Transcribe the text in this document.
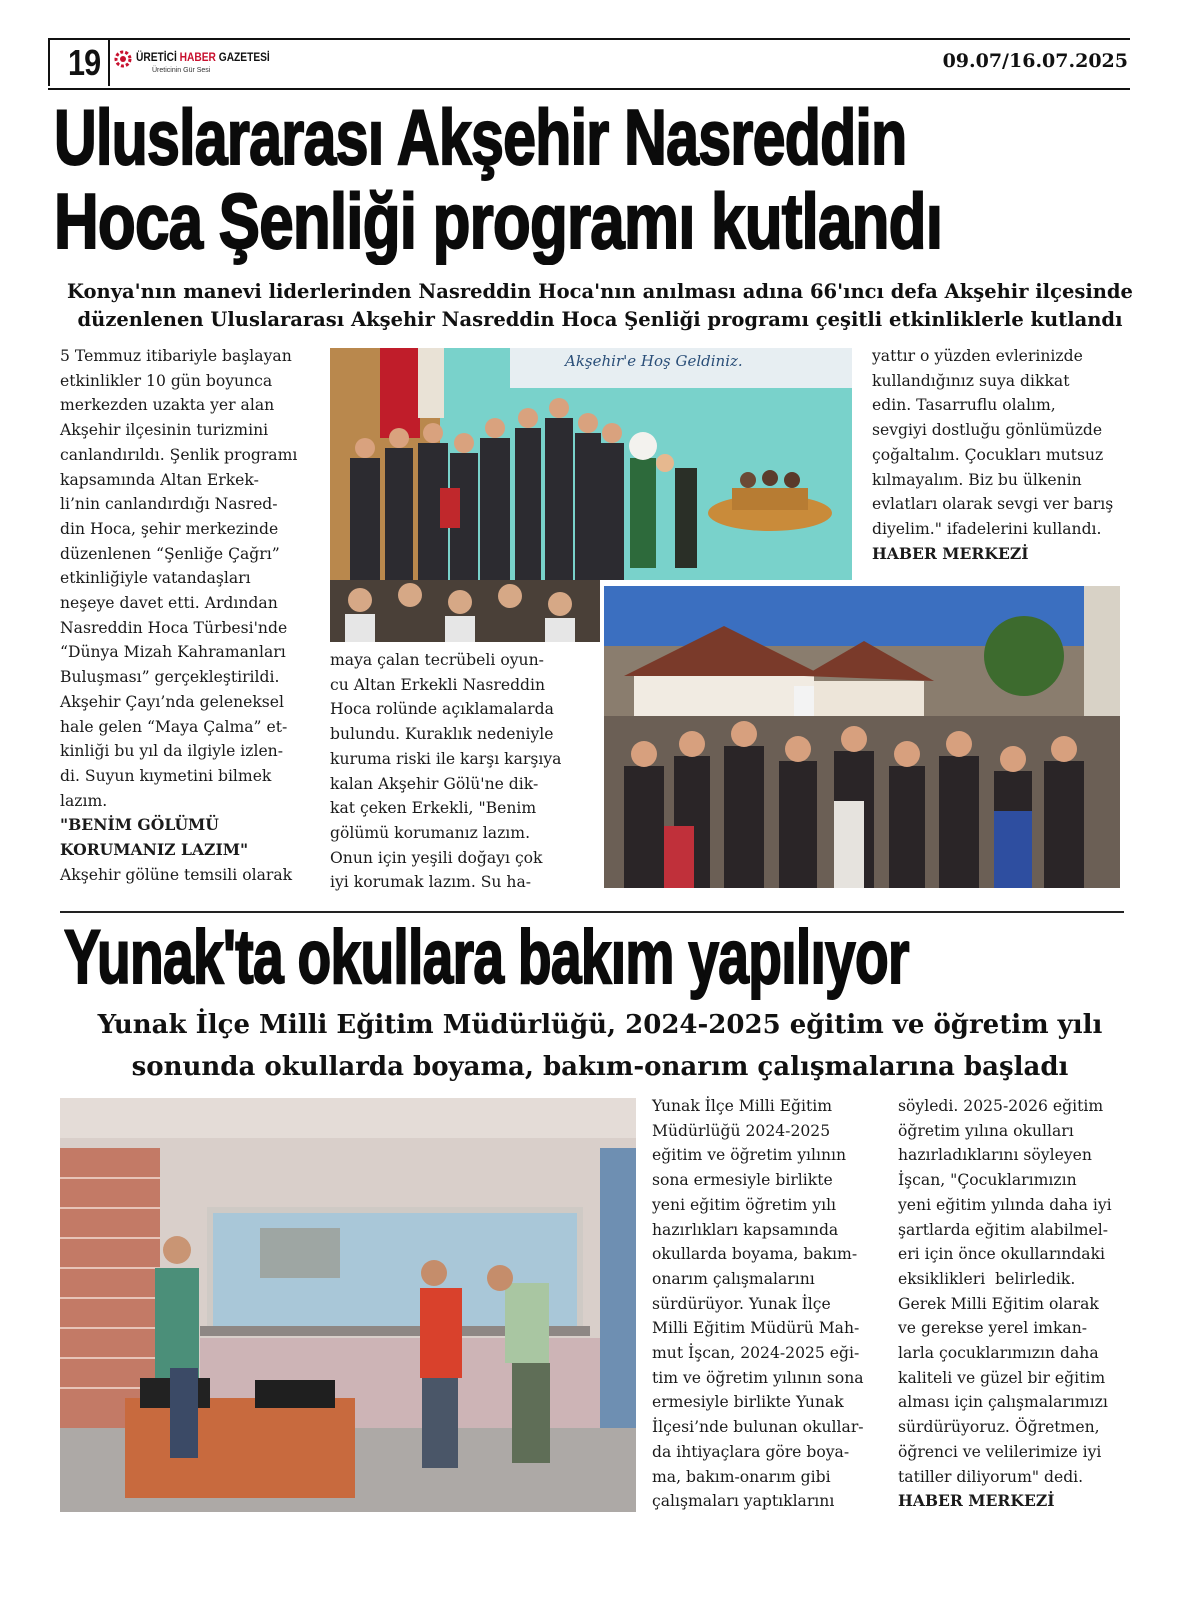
19	ÜRETİCİ HABER GAZETESİ
Üreticinin Gür Sesi	09.07/16.07.2025
Uluslararası Akşehir Nasreddin
Hoca Şenliği programı kutlandı
Konya'nın manevi liderlerinden Nasreddin Hoca'nın anılması adına 66'ıncı defa Akşehir ilçesinde
düzenlenen Uluslararası Akşehir Nasreddin Hoca Şenliği programı çeşitli etkinliklerle kutlandı
5 Temmuz itibariyle başlayan
etkinlikler 10 gün boyunca
merkezden uzakta yer alan
Akşehir ilçesinin turizmini
canlandırıldı. Şenlik programı
kapsamında Altan Erkek-
li’nin canlandırdığı Nasred-
din Hoca, şehir merkezinde
düzenlenen “Şenliğe Çağrı”
etkinliğiyle vatandaşları
neşeye davet etti. Ardından
Nasreddin Hoca Türbesi'nde
“Dünya Mizah Kahramanları
Buluşması” gerçekleştirildi.
Akşehir Çayı’nda geleneksel
hale gelen “Maya Çalma” et-
kinliği bu yıl da ilgiyle izlen-
di. Suyun kıymetini bilmek
lazım.
"BENİM GÖLÜMÜ
KORUMANIZ LAZIM"
Akşehir gölüne temsili olarak
Akşehir'e Hoş Geldiniz.
maya çalan tecrübeli oyun-
cu Altan Erkekli Nasreddin
Hoca rolünde açıklamalarda
bulundu. Kuraklık nedeniyle
kuruma riski ile karşı karşıya
kalan Akşehir Gölü'ne dik-
kat çeken Erkekli, "Benim
gölümü korumanız lazım.
Onun için yeşili doğayı çok
iyi korumak lazım. Su ha-
yattır o yüzden evlerinizde
kullandığınız suya dikkat
edin. Tasarruflu olalım,
sevgiyi dostluğu gönlümüzde
çoğaltalım. Çocukları mutsuz
kılmayalım. Biz bu ülkenin
evlatları olarak sevgi ver barış
diyelim." ifadelerini kullandı.
HABER MERKEZİ
Yunak'ta okullara bakım yapılıyor
Yunak İlçe Milli Eğitim Müdürlüğü, 2024-2025 eğitim ve öğretim yılı
sonunda okullarda boyama, bakım-onarım çalışmalarına başladı
Yunak İlçe Milli Eğitim
Müdürlüğü 2024-2025
eğitim ve öğretim yılının
sona ermesiyle birlikte
yeni eğitim öğretim yılı
hazırlıkları kapsamında
okullarda boyama, bakım-
onarım çalışmalarını
sürdürüyor. Yunak İlçe
Milli Eğitim Müdürü Mah-
mut İşcan, 2024-2025 eği-
tim ve öğretim yılının sona
ermesiyle birlikte Yunak
İlçesi’nde bulunan okullar-
da ihtiyaçlara göre boya-
ma, bakım-onarım gibi
çalışmaları yaptıklarını
söyledi. 2025-2026 eğitim
öğretim yılına okulları
hazırladıklarını söyleyen
İşcan, "Çocuklarımızın
yeni eğitim yılında daha iyi
şartlarda eğitim alabilmel-
eri için önce okullarındaki
eksiklikleri  belirledik.
Gerek Milli Eğitim olarak
ve gerekse yerel imkan-
larla çocuklarımızın daha
kaliteli ve güzel bir eğitim
alması için çalışmalarımızı
sürdürüyoruz. Öğretmen,
öğrenci ve velilerimize iyi
tatiller diliyorum" dedi.
HABER MERKEZİ
